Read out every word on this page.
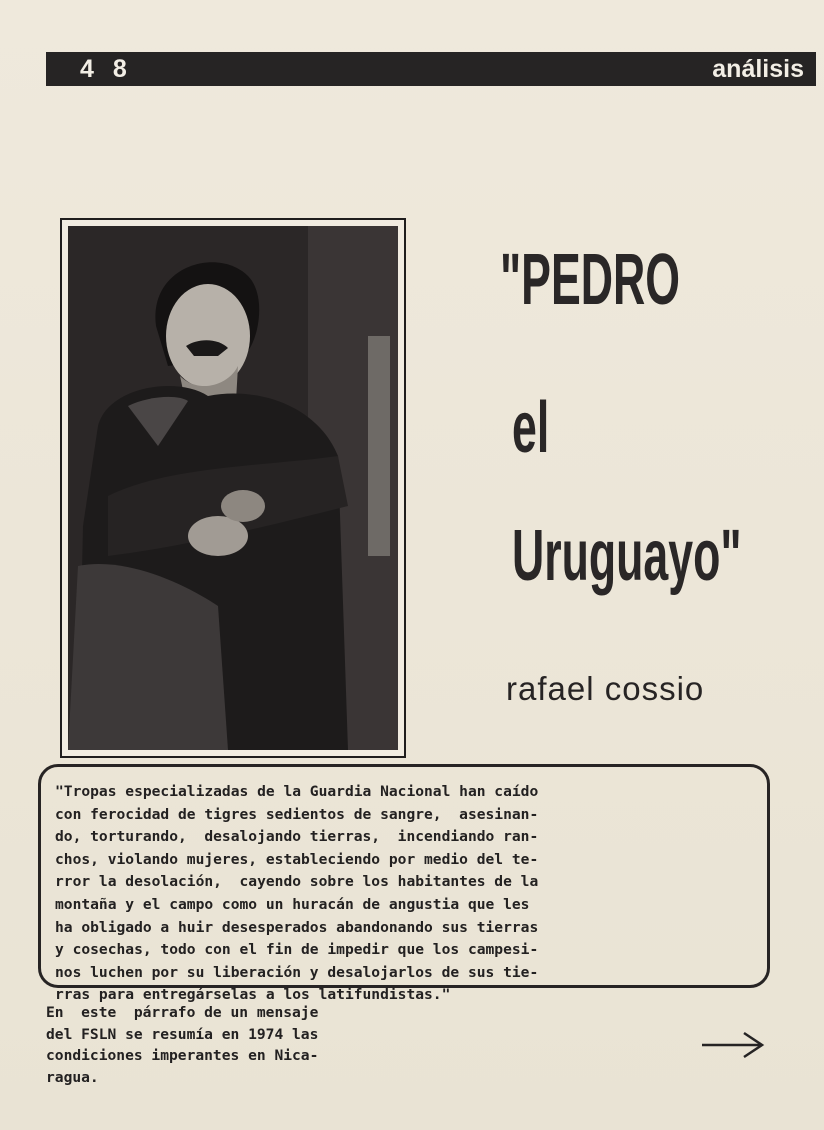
4 8	análisis
"PEDRO
el
Uruguayo"
rafael cossio
"Tropas especializadas de la Guardia Nacional han caído
con ferocidad de tigres sedientos de sangre,  asesinan-
do, torturando,  desalojando tierras,  incendiando ran-
chos, violando mujeres, estableciendo por medio del te-
rror la desolación,  cayendo sobre los habitantes de la
montaña y el campo como un huracán de angustia que les
ha obligado a huir desesperados abandonando sus tierras
y cosechas, todo con el fin de impedir que los campesi-
nos luchen por su liberación y desalojarlos de sus tie-
rras para entregárselas a los latifundistas."
En  este  párrafo de un mensaje
del FSLN se resumía en 1974 las
condiciones imperantes en Nica-
ragua.
